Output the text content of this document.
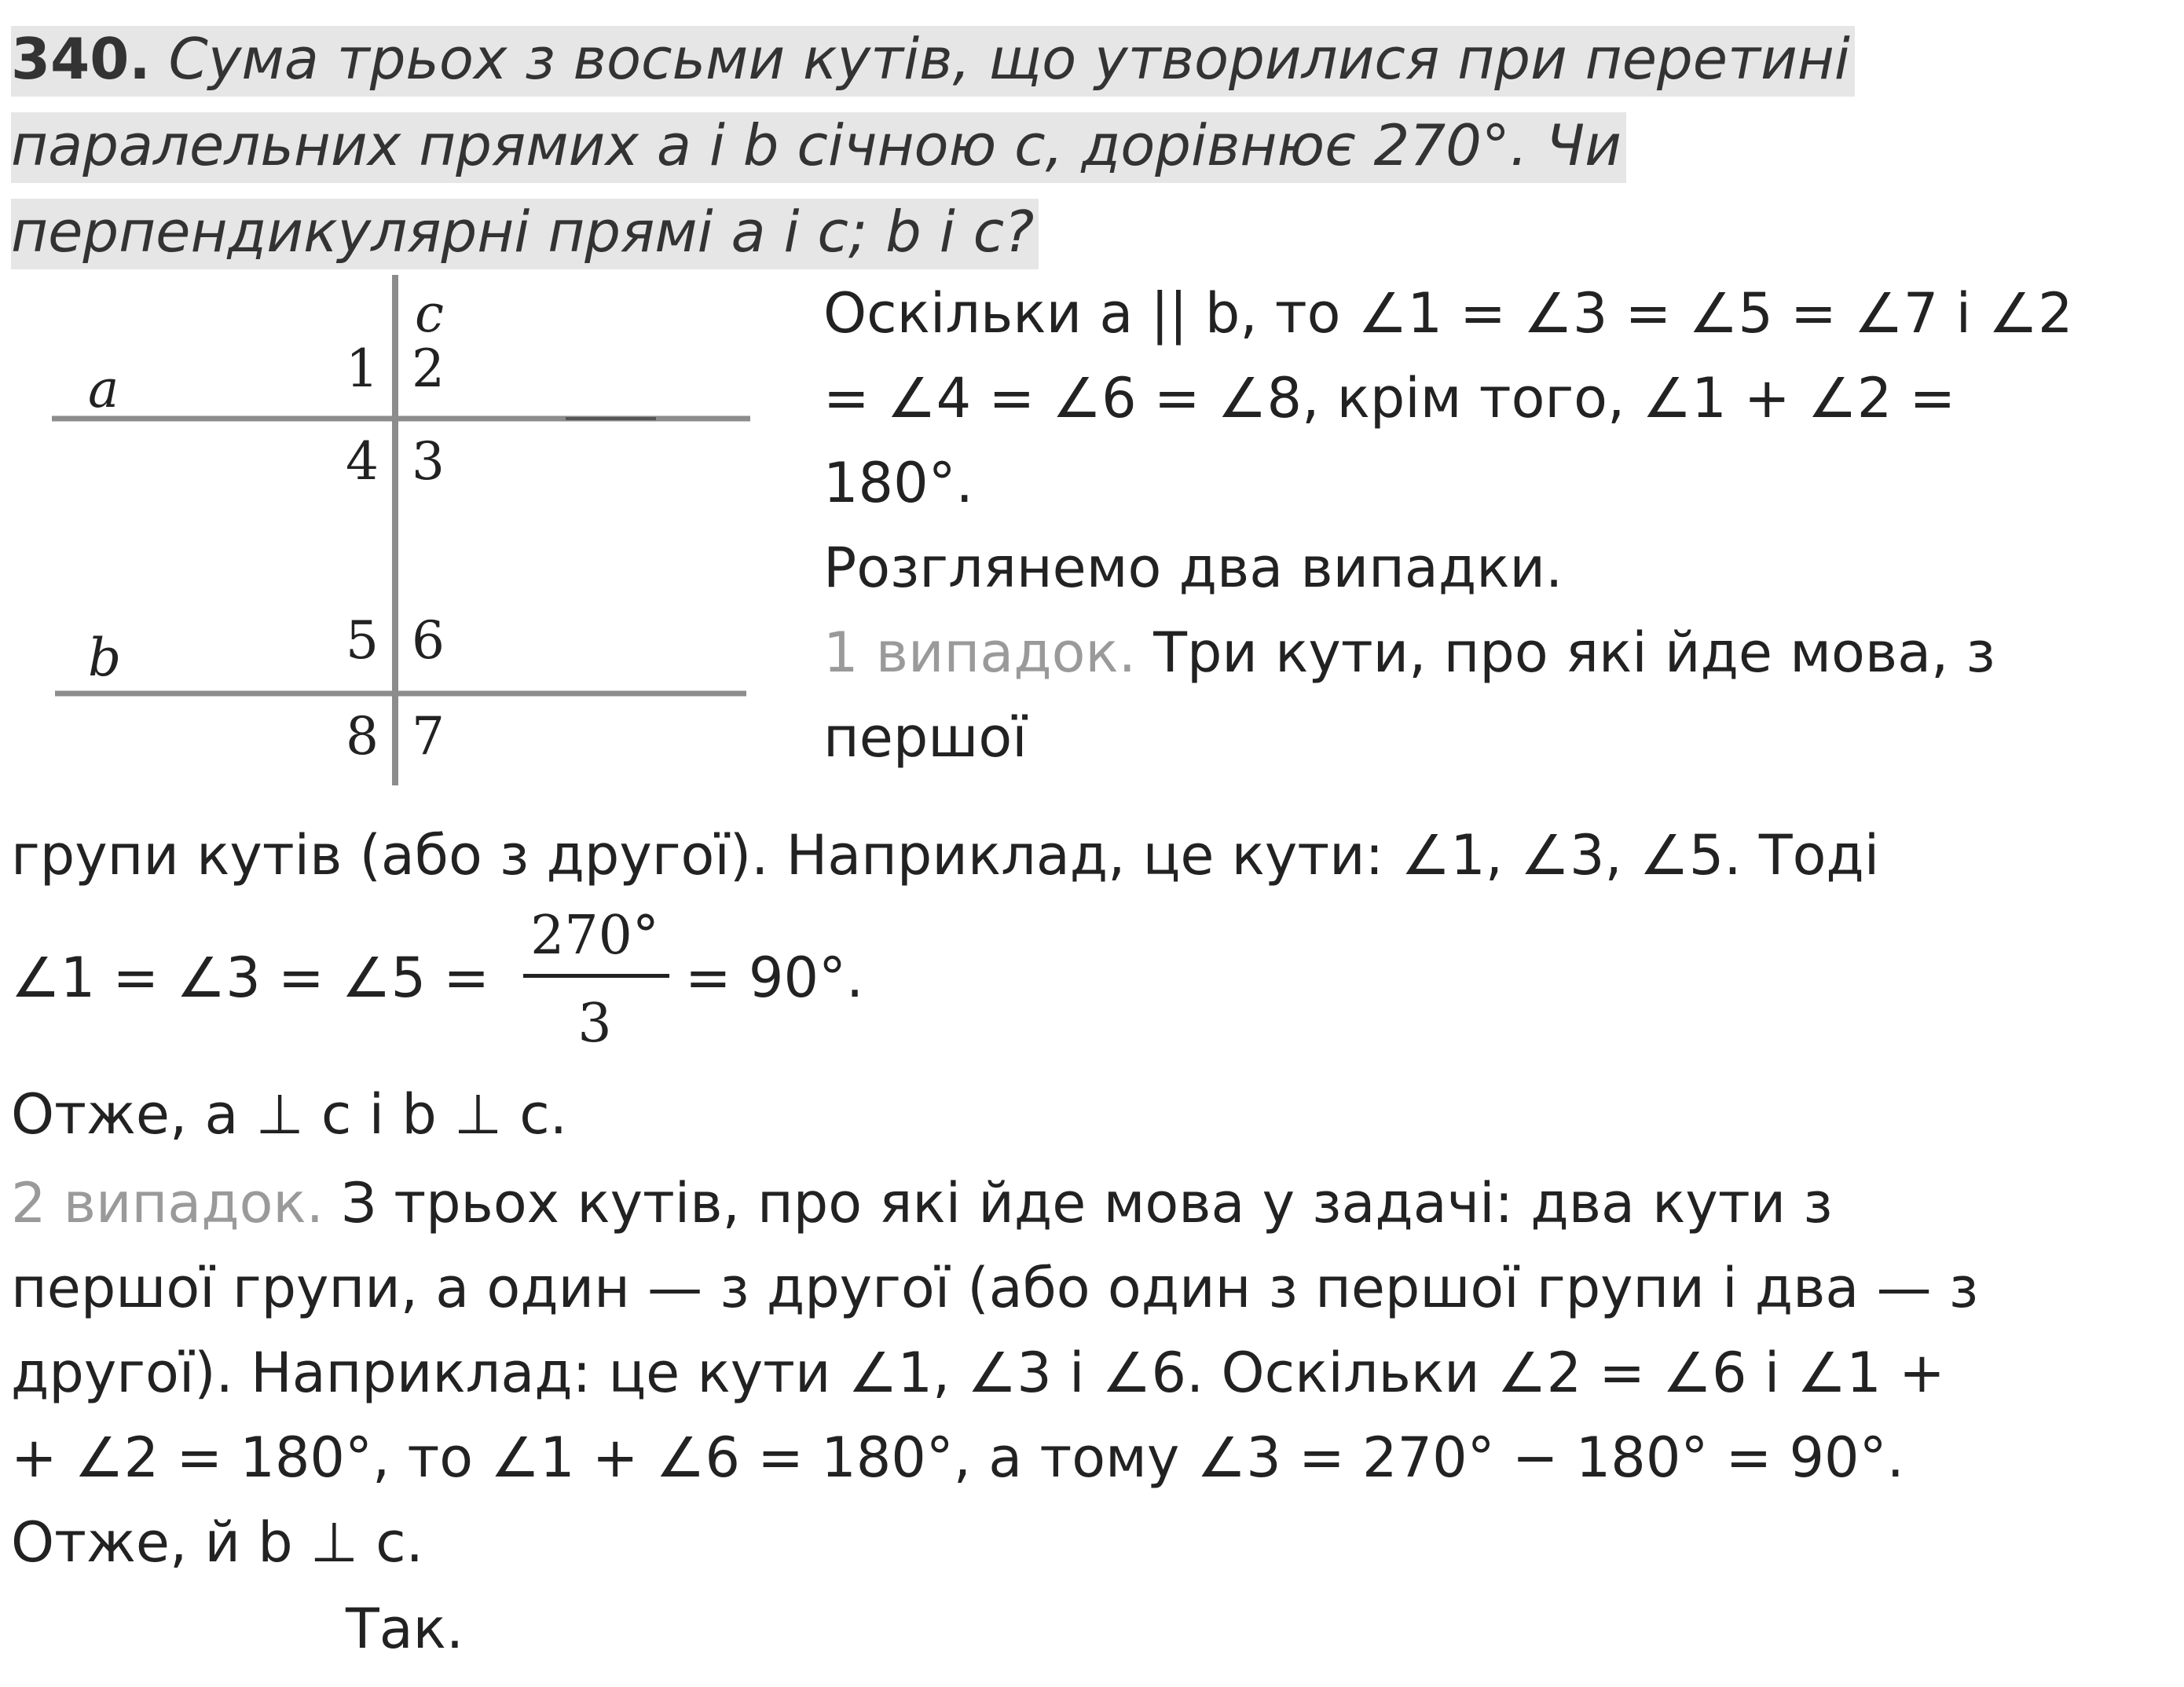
340. Сума трьох з восьми кутів, що утворилися при перетині
паралельних прямих a і b січною c, дорівнює 270°. Чи
перпендикулярні прямі a і c; b і c?
c
a
b
1 2
4 3
5 6
8 7
Оскільки a || b, то ∠1 = ∠3 = ∠5 = ∠7 і ∠2
= ∠4 = ∠6 = ∠8, крім того, ∠1 + ∠2 =
180°.
Розглянемо два випадки.
1 випадок. Три кути, про які йде мова, з
першої
групи кутів (або з другої). Наприклад, це кути: ∠1, ∠3, ∠5. Тоді
∠1 = ∠3 = ∠5 =
270°
3
= 90°.
Отже, a ⊥ c і b ⊥ c.
2 випадок. З трьох кутів, про які йде мова у задачі: два кути з
першої групи, а один — з другої (або один з першої групи і два — з
другої). Наприклад: це кути ∠1, ∠3 і ∠6. Оскільки ∠2 = ∠6 і ∠1 +
+ ∠2 = 180°, то ∠1 + ∠6 = 180°, а тому ∠3 = 270° − 180° = 90°.
Отже, й b ⊥ c.
Так.
